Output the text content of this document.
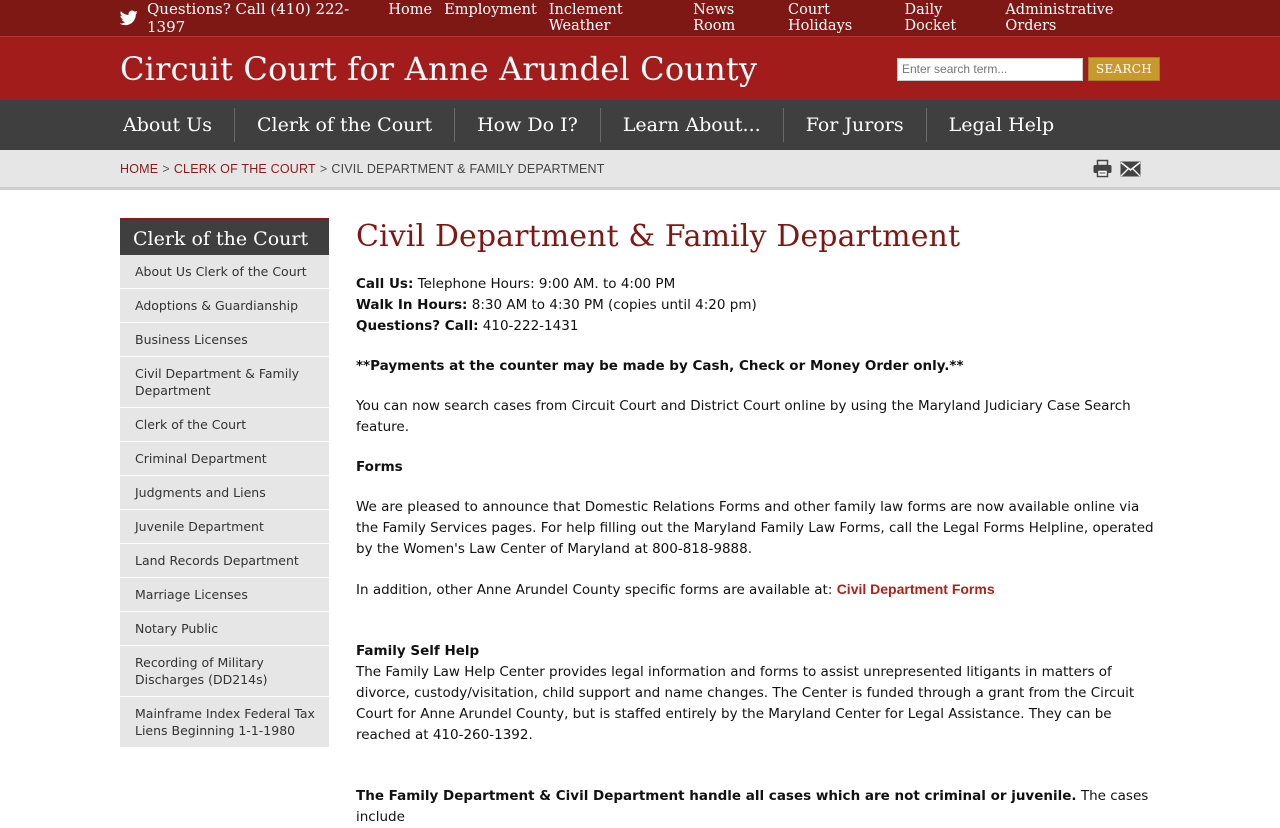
Questions? Call (410) 222-1397
Home Employment Inclement Weather
News Room
Court Holidays
Daily Docket
Administrative Orders
Circuit Court for Anne Arundel County
Enter search term...	SEARCH
About Us	Clerk of the Court	How Do I?	Learn About...	For Jurors	Legal Help
HOME > CLERK OF THE COURT > CIVIL DEPARTMENT & FAMILY DEPARTMENT
Clerk of the Court
About Us Clerk of the Court
Adoptions & Guardianship
Business Licenses
Civil Department & Family Department
Clerk of the Court
Criminal Department
Judgments and Liens
Juvenile Department
Land Records Department
Marriage Licenses
Notary Public
Recording of Military Discharges (DD214s)
Mainframe Index Federal Tax Liens Beginning 1-1-1980
Civil Department & Family Department

Call Us: Telephone Hours: 9:00 AM. to 4:00 PM
Walk In Hours: 8:30 AM to 4:30 PM (copies until 4:20 pm)
Questions? Call: 410-222-1431

**Payments at the counter may be made by Cash, Check or Money Order only.**

You can now search cases from Circuit Court and District Court online by using the Maryland Judiciary Case Search feature.

Forms

We are pleased to announce that Domestic Relations Forms and other family law forms are now available online via the Family Services pages. For help filling out the Maryland Family Law Forms, call the Legal Forms Helpline, operated by the Women's Law Center of Maryland at 800-818-9888.

In addition, other Anne Arundel County specific forms are available at: Civil Department Forms

Family Self Help
The Family Law Help Center provides legal information and forms to assist unrepresented litigants in matters of divorce, custody/visitation, child support and name changes. The Center is funded through a grant from the Circuit Court for Anne Arundel County, but is staffed entirely by the Maryland Center for Legal Assistance. They can be reached at 410-260-1392.

The Family Department & Civil Department handle all cases which are not criminal or juvenile. The cases include
